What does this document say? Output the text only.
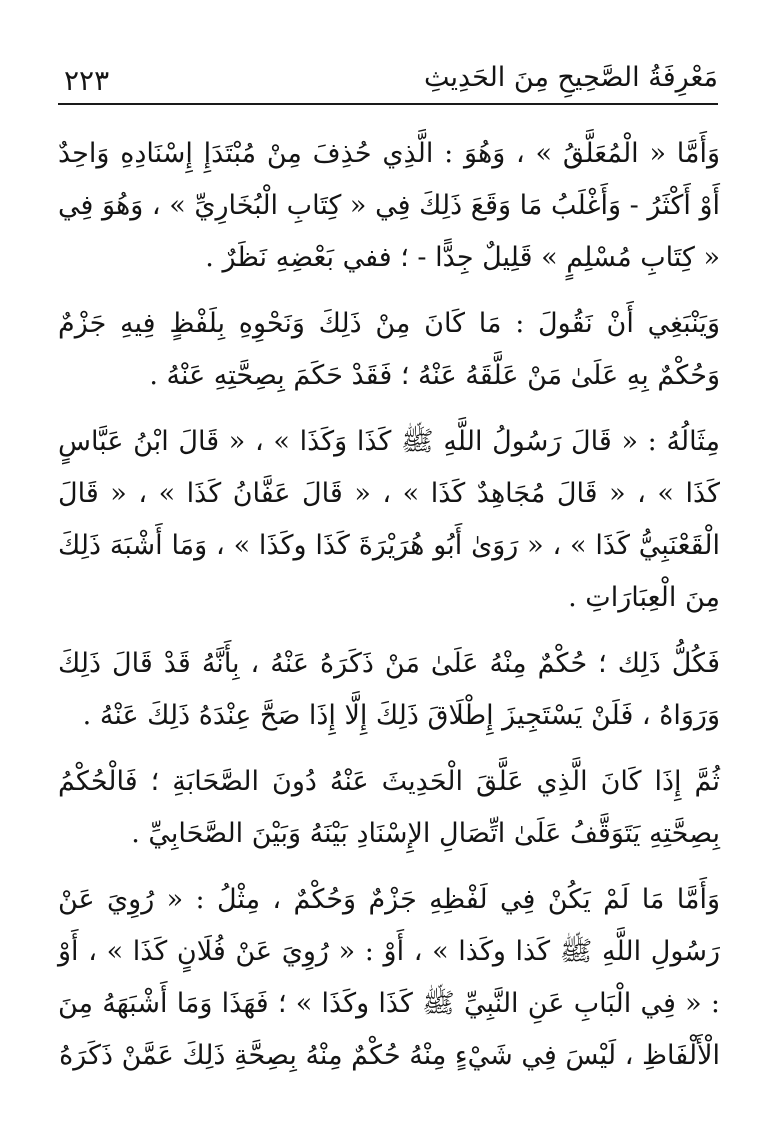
مَعْرِفَةُ الصَّحِيحِ مِنَ الحَدِيثِ
٢٢٣

وَأَمَّا « الْمُعَلَّقُ » ، وَهُوَ : الَّذِي حُذِفَ مِنْ مُبْتَدَإِ إِسْنَادِهِ وَاحِدٌ أَوْ أَكْثَرُ - وَأَغْلَبُ مَا وَقَعَ ذَلِكَ فِي « كِتَابِ الْبُخَارِيِّ » ، وَهُوَ فِي « كِتَابِ مُسْلِمٍ » قَلِيلٌ جِدًّا - ؛ ففي بَعْضِهِ نَظَرٌ .

وَيَنْبَغِي أَنْ نَقُولَ : مَا كَانَ مِنْ ذَلِكَ وَنَحْوِهِ بِلَفْظٍ فِيهِ جَزْمٌ وَحُكْمٌ بِهِ عَلَىٰ مَنْ عَلَّقَهُ عَنْهُ ؛ فَقَدْ حَكَمَ بِصِحَّتِهِ عَنْهُ .

مِثَالُهُ : « قَالَ رَسُولُ اللَّهِ ﷺ كَذَا وَكَذَا » ، « قَالَ ابْنُ عَبَّاسٍ كَذَا » ، « قَالَ مُجَاهِدٌ كَذَا » ، « قَالَ عَفَّانُ كَذَا » ، « قَالَ الْقَعْنَبِيُّ كَذَا » ، « رَوَىٰ أَبُو هُرَيْرَةَ كَذَا وكَذَا » ، وَمَا أَشْبَهَ ذَلِكَ مِنَ الْعِبَارَاتِ .

فَكُلُّ ذَلِك ؛ حُكْمٌ مِنْهُ عَلَىٰ مَنْ ذَكَرَهُ عَنْهُ ، بِأَنَّهُ قَدْ قَالَ ذَلِكَ وَرَوَاهُ ، فَلَنْ يَسْتَجِيزَ إِطْلَاقَ ذَلِكَ إِلَّا إِذَا صَحَّ عِنْدَهُ ذَلِكَ عَنْهُ .

ثُمَّ إِذَا كَانَ الَّذِي عَلَّقَ الْحَدِيثَ عَنْهُ دُونَ الصَّحَابَةِ ؛ فَالْحُكْمُ بِصِحَّتِهِ يَتَوَقَّفُ عَلَىٰ اتِّصَالِ الإِسْنَادِ بَيْنَهُ وَبَيْنَ الصَّحَابِيِّ .

وَأَمَّا مَا لَمْ يَكُنْ فِي لَفْظِهِ جَزْمٌ وَحُكْمٌ ، مِثْلُ : « رُوِيَ عَنْ رَسُولِ اللَّهِ ﷺ كَذا وكَذا » ، أَوْ : « رُوِيَ عَنْ فُلَانٍ كَذَا » ، أَوْ : « فِي الْبَابِ عَنِ النَّبِيِّ ﷺ كَذَا وكَذَا » ؛ فَهَذَا وَمَا أَشْبَهَهُ مِنَ الْأَلْفَاظِ ، لَيْسَ فِي شَيْءٍ مِنْهُ حُكْمٌ مِنْهُ بِصِحَّةِ ذَلِكَ عَمَّنْ ذَكَرَهُ
